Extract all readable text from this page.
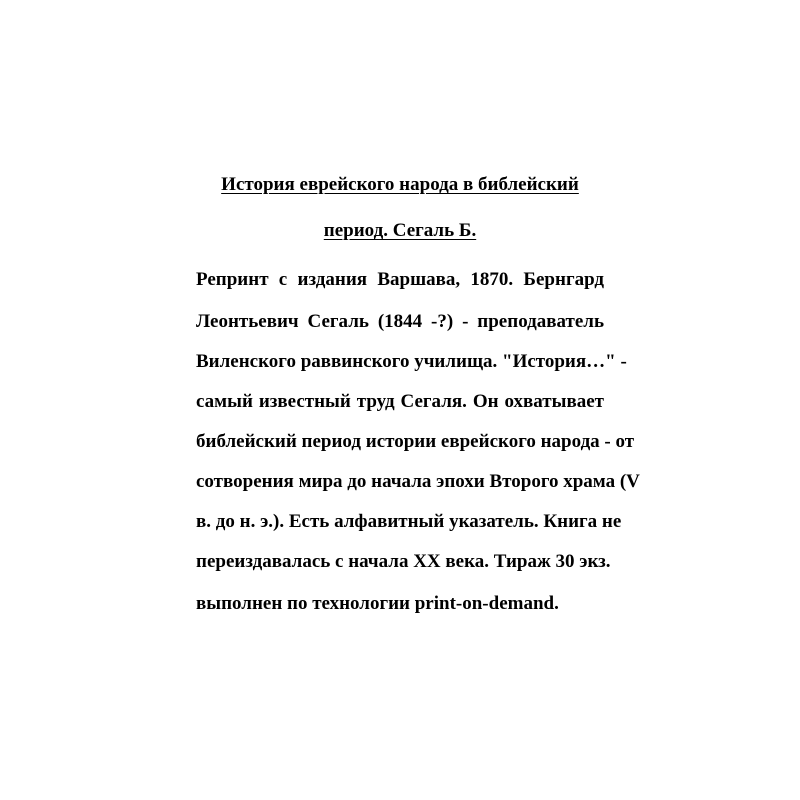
История еврейского народа в библейский
период. Сегаль Б.
Репринт с издания Варшава, 1870. Бернгард
Леонтьевич Сегаль (1844 -?) - преподаватель
Виленского раввинского училища. "История…" -
самый известный труд Сегаля. Он охватывает
библейский период истории еврейского народа - от
сотворения мира до начала эпохи Второго храма (V
в. до н. э.). Есть алфавитный указатель. Книга не
переиздавалась с начала XX века. Тираж 30 экз.
выполнен по технологии print-on-demand.
